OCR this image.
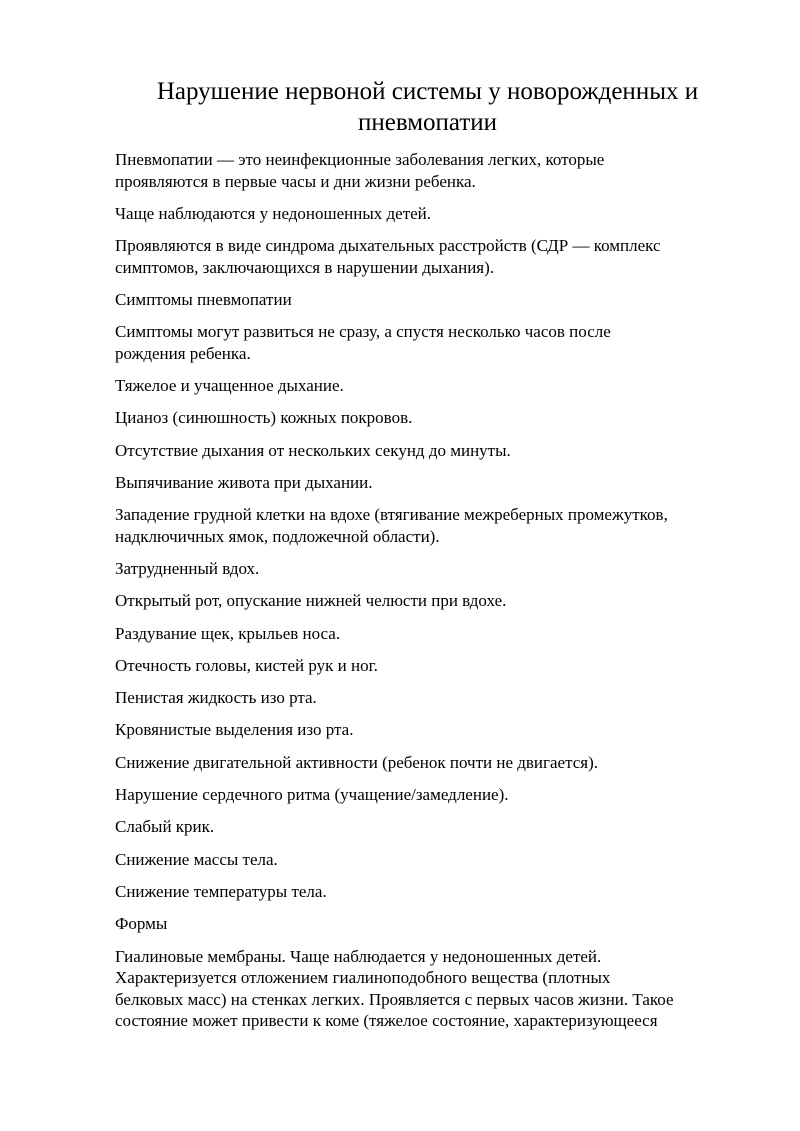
Нарушение нервоной системы у новорожденных и
пневмопатии

Пневмопатии — это неинфекционные заболевания легких, которые
проявляются в первые часы и дни жизни ребенка.

Чаще наблюдаются у недоношенных детей.

Проявляются в виде синдрома дыхательных расстройств (СДР — комплекс
симптомов, заключающихся в нарушении дыхания).

Симптомы пневмопатии

Симптомы могут развиться не сразу, а спустя несколько часов после
рождения ребенка.

Тяжелое и учащенное дыхание.

Цианоз (синюшность) кожных покровов.

Отсутствие дыхания от нескольких секунд до минуты.

Выпячивание живота при дыхании.

Западение грудной клетки на вдохе (втягивание межреберных промежутков,
надключичных ямок, подложечной области).

Затрудненный вдох.

Открытый рот, опускание нижней челюсти при вдохе.

Раздувание щек, крыльев носа.

Отечность головы, кистей рук и ног.

Пенистая жидкость изо рта.

Кровянистые выделения изо рта.

Снижение двигательной активности (ребенок почти не двигается).

Нарушение сердечного ритма (учащение/замедление).

Слабый крик.

Снижение массы тела.

Снижение температуры тела.

Формы

Гиалиновые мембраны. Чаще наблюдается у недоношенных детей.
Характеризуется отложением гиалиноподобного вещества (плотных
белковых масс) на стенках легких. Проявляется с первых часов жизни. Такое
состояние может привести к коме (тяжелое состояние, характеризующееся
